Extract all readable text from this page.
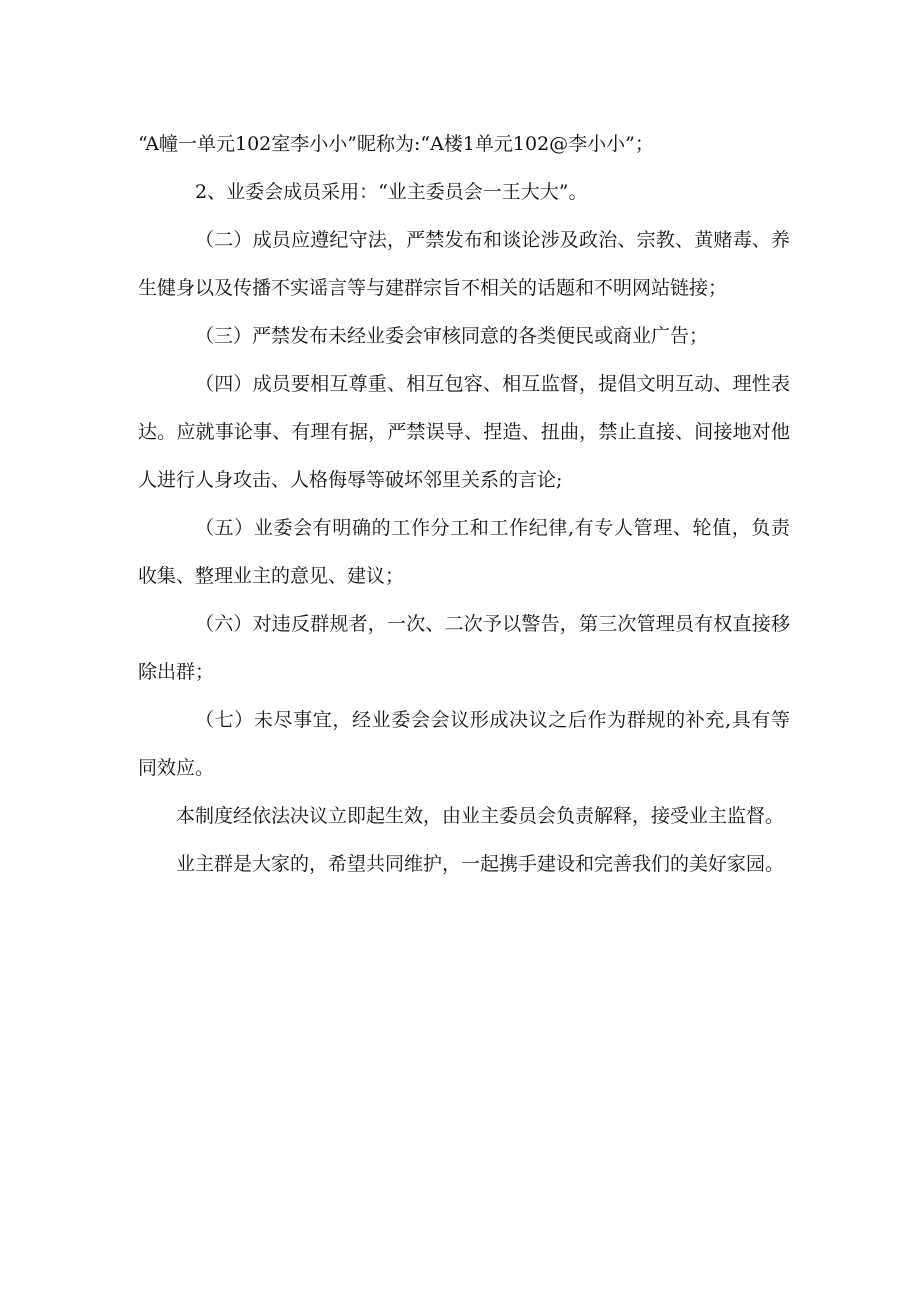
“A幢一单元102室李小小”昵称为:“A楼1单元102@李小小”；

2、业委会成员采用：“业主委员会一王大大”。

（二）成员应遵纪守法，严禁发布和谈论涉及政治、宗教、黄赌毒、养生健身以及传播不实谣言等与建群宗旨不相关的话题和不明网站链接；

（三）严禁发布未经业委会审核同意的各类便民或商业广告；

（四）成员要相互尊重、相互包容、相互监督，提倡文明互动、理性表达。应就事论事、有理有据，严禁误导、捏造、扭曲，禁止直接、间接地对他人进行人身攻击、人格侮辱等破坏邻里关系的言论;

（五）业委会有明确的工作分工和工作纪律,有专人管理、轮值，负责收集、整理业主的意见、建议；

（六）对违反群规者，一次、二次予以警告，第三次管理员有权直接移除出群；

（七）未尽事宜，经业委会会议形成决议之后作为群规的补充,具有等同效应。

本制度经依法决议立即起生效，由业主委员会负责解释，接受业主监督。

业主群是大家的，希望共同维护，一起携手建设和完善我们的美好家园。
